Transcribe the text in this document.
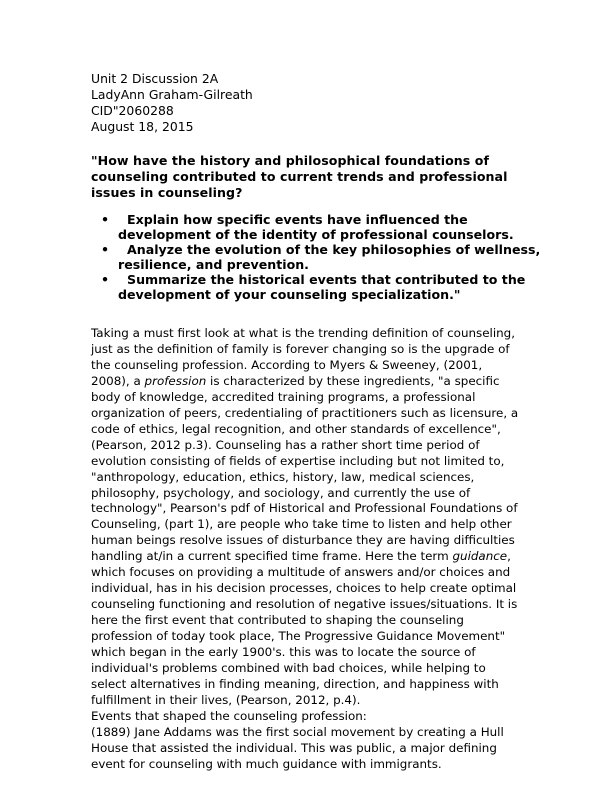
Unit 2 Discussion 2A
LadyAnn Graham-Gilreath
CID"2060288
August 18, 2015
"How have the history and philosophical foundations of
counseling contributed to current trends and professional
issues in counseling?
•	Explain how specific events have influenced the
development of the identity of professional counselors.
•	Analyze the evolution of the key philosophies of wellness,
resilience, and prevention.
•	Summarize the historical events that contributed to the
development of your counseling specialization."
Taking a must first look at what is the trending definition of counseling,
just as the definition of family is forever changing so is the upgrade of
the counseling profession. According to Myers & Sweeney, (2001,
2008), a profession is characterized by these ingredients, "a specific
body of knowledge, accredited training programs, a professional
organization of peers, credentialing of practitioners such as licensure, a
code of ethics, legal recognition, and other standards of excellence",
(Pearson, 2012 p.3). Counseling has a rather short time period of
evolution consisting of fields of expertise including but not limited to,
"anthropology, education, ethics, history, law, medical sciences,
philosophy, psychology, and sociology, and currently the use of
technology", Pearson's pdf of Historical and Professional Foundations of
Counseling, (part 1), are people who take time to listen and help other
human beings resolve issues of disturbance they are having difficulties
handling at/in a current specified time frame. Here the term guidance,
which focuses on providing a multitude of answers and/or choices and
individual, has in his decision processes, choices to help create optimal
counseling functioning and resolution of negative issues/situations. It is
here the first event that contributed to shaping the counseling
profession of today took place, The Progressive Guidance Movement"
which began in the early 1900's. this was to locate the source of
individual's problems combined with bad choices, while helping to
select alternatives in finding meaning, direction, and happiness with
fulfillment in their lives, (Pearson, 2012, p.4).
Events that shaped the counseling profession:
(1889) Jane Addams was the first social movement by creating a Hull
House that assisted the individual. This was public, a major defining
event for counseling with much guidance with immigrants.
